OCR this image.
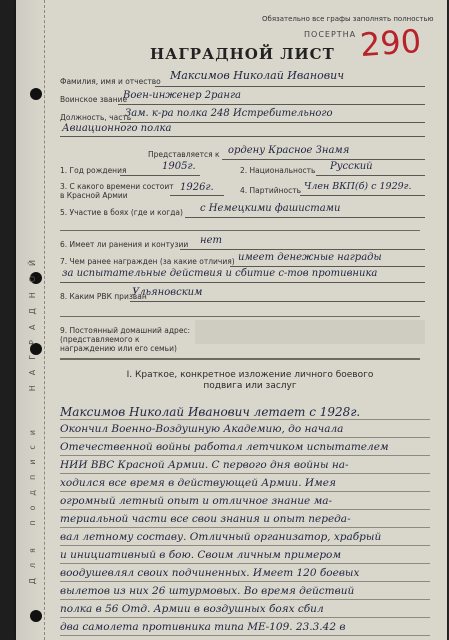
НАГРАДНОЙ
Для подписи
Обязательно все графы заполнять полностью
ПОСЕРТНА 290
НАГРАДНОЙ ЛИСТ
Фамилия, имя и отчество Максимов Николай Иванович
Воинское звание
Воен-инженер 2ранга
Должность, часть
Зам. к-ра полка 248 Истребительного
Авиационного полка
Представляется к ордену Красное Знамя
1. Год рождения	1905г.	2. Национальность Русский
3. С какого времени состоит в Красной Армии
1926г.	4. Партийность Член ВКП(б) с 1929г.
5. Участие в боях (где и когда) с Немецкими фашистами
6. Имеет ли ранения и контузии нет
7. Чем ранее награжден (за какие отличия) имеет денежные награды
за испытательные действия и сбитие с-тов противника
8. Каким РВК призван
Ульяновским
9. Постоянный домашний адрес: (представляемого к награждению или его семьи)
I. Краткое, конкретное изложение личного боевого подвига или заслуг
Максимов Николай Иванович летает с 1928г.
Окончил Военно-Воздушную Академию, до начала
Отечественной войны работал летчиком испытателем
НИИ ВВС Красной Армии. С первого дня войны на-
ходился все время в действующей Армии. Имея
огромный летный опыт и отличное знание ма-
териальной части все свои знания и опыт переда-
вал летному составу. Отличный организатор, храбрый
и инициативный в бою. Своим личным примером
воодушевлял своих подчиненных. Имеет 120 боевых
вылетов из них 26 штурмовых. Во время действий
полка в 56 Отд. Армии в воздушных боях сбил
два самолета противника типа МЕ-109. 23.3.42 в
